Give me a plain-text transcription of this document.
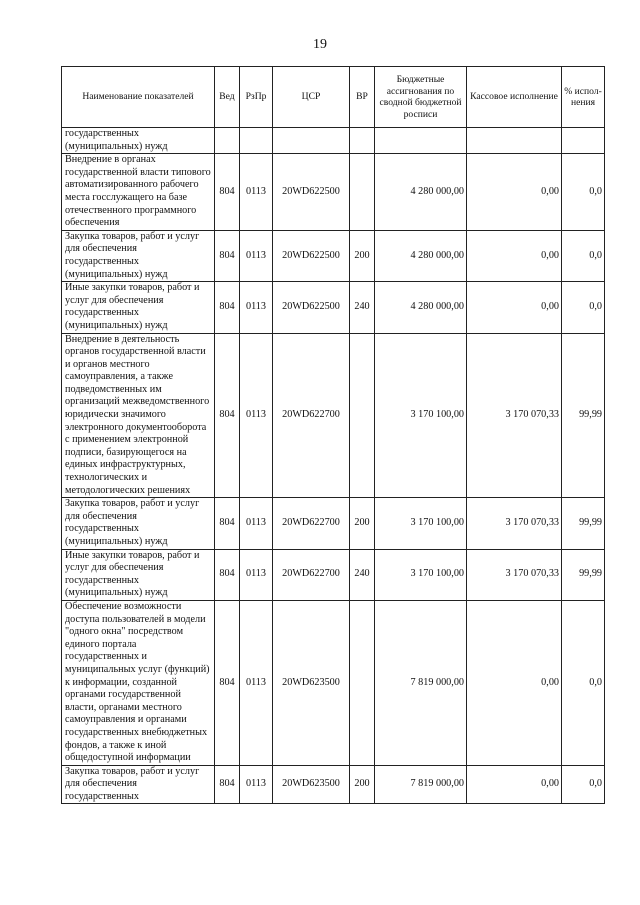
19
Наименование показателей	Вед	РзПр	ЦСР	ВР	Бюджетные ассигнования по сводной бюджетной росписи	Кассовое исполнение	% испол-нения
государственных (муниципальных) нужд							
Внедрение в органах государственной власти типового автоматизированного рабочего места госслужащего на базе отечественного программного обеспечения	804	0113	20WD622500		4 280 000,00	0,00	0,0
Закупка товаров, работ и услуг для обеспечения государственных (муниципальных) нужд	804	0113	20WD622500	200	4 280 000,00	0,00	0,0
Иные закупки товаров, работ и услуг для обеспечения государственных (муниципальных) нужд	804	0113	20WD622500	240	4 280 000,00	0,00	0,0
Внедрение в деятельность органов государственной власти и органов местного самоуправления, а также подведомственных им организаций межведомственного юридически значимого электронного документооборота с применением электронной подписи, базирующегося на единых инфраструктурных, технологических и методологических решениях	804	0113	20WD622700		3 170 100,00	3 170 070,33	99,99
Закупка товаров, работ и услуг для обеспечения государственных (муниципальных) нужд	804	0113	20WD622700	200	3 170 100,00	3 170 070,33	99,99
Иные закупки товаров, работ и услуг для обеспечения государственных (муниципальных) нужд	804	0113	20WD622700	240	3 170 100,00	3 170 070,33	99,99
Обеспечение возможности доступа пользователей в модели "одного окна" посредством единого портала государственных и муниципальных услуг (функций) к информации, созданной органами государственной власти, органами местного самоуправления и органами государственных внебюджетных фондов, а также к иной общедоступной информации	804	0113	20WD623500		7 819 000,00	0,00	0,0
Закупка товаров, работ и услуг для обеспечения государственных	804	0113	20WD623500	200	7 819 000,00	0,00	0,0
